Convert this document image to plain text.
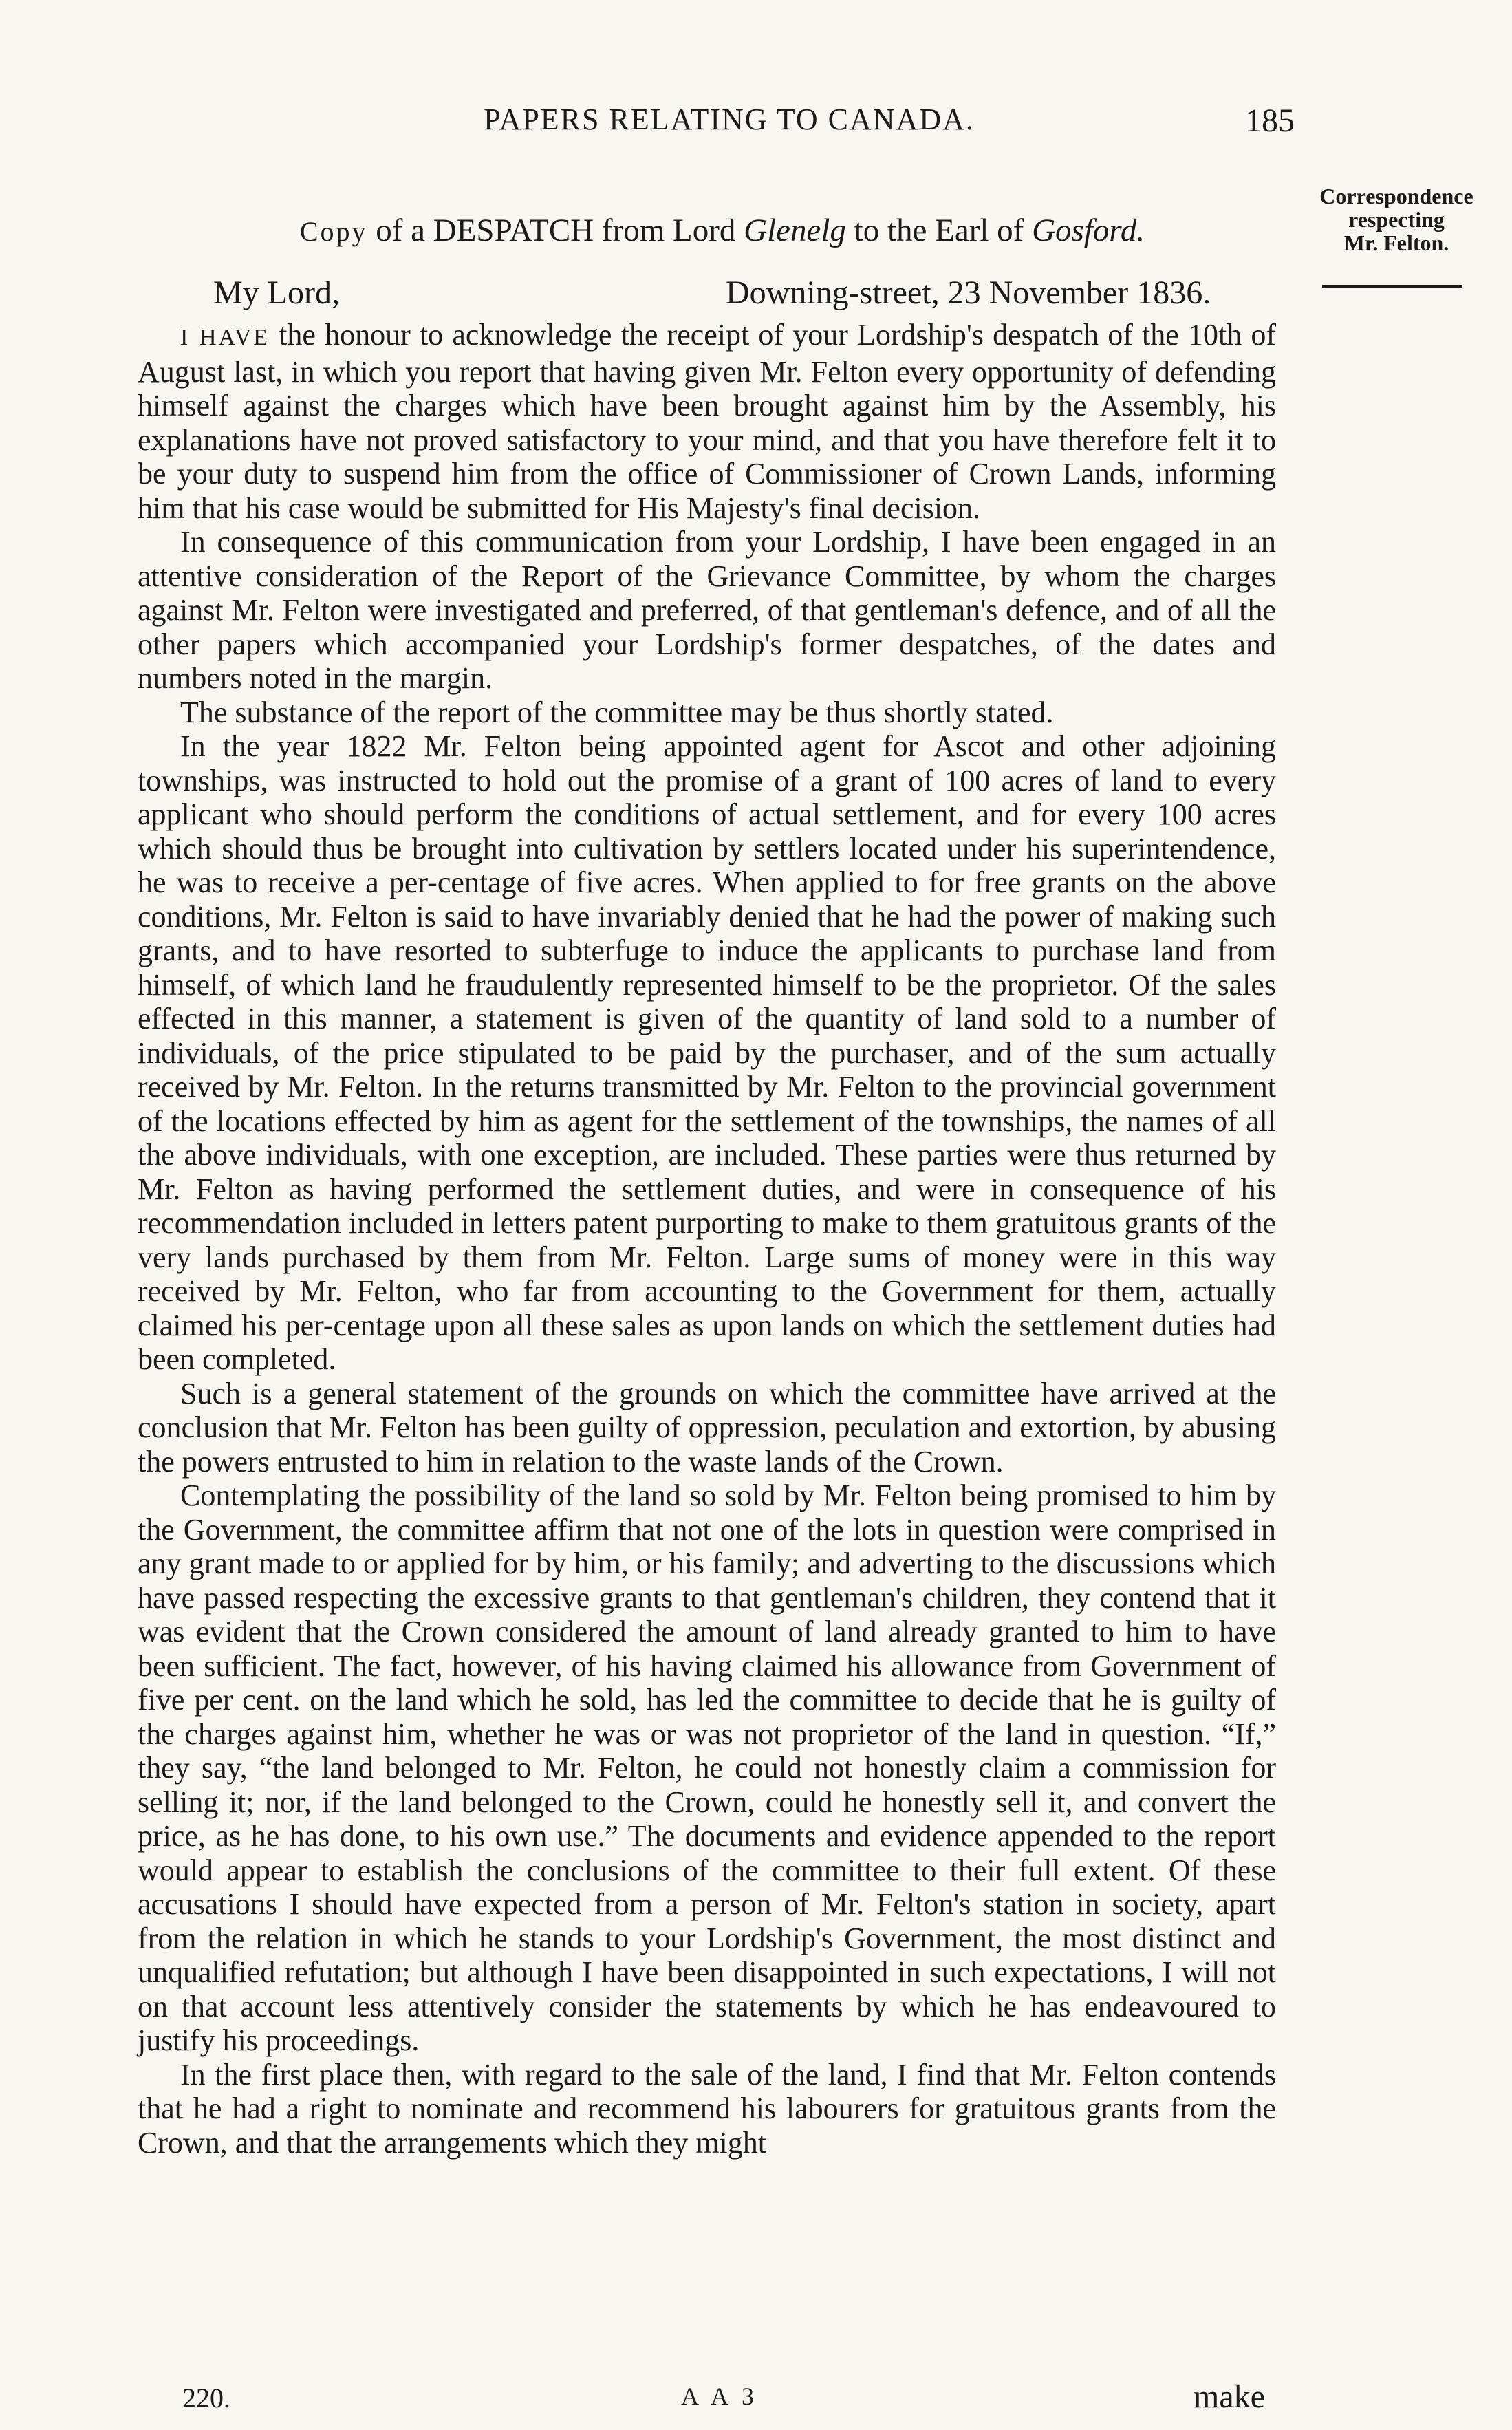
PAPERS RELATING TO CANADA.	185
Correspondence
respecting
Mr. Felton.
Copy of a DESPATCH from Lord Glenelg to the Earl of Gosford.
My Lord,	Downing-street, 23 November 1836.

I HAVE the honour to acknowledge the receipt of your Lordship's despatch of the 10th of August last, in which you report that having given Mr. Felton every opportunity of defending himself against the charges which have been brought against him by the Assembly, his explanations have not proved satisfactory to your mind, and that you have therefore felt it to be your duty to suspend him from the office of Commissioner of Crown Lands, informing him that his case would be submitted for His Majesty's final decision.

In consequence of this communication from your Lordship, I have been engaged in an attentive consideration of the Report of the Grievance Committee, by whom the charges against Mr. Felton were investigated and preferred, of that gentleman's defence, and of all the other papers which accompanied your Lordship's former despatches, of the dates and numbers noted in the margin.

The substance of the report of the committee may be thus shortly stated.

In the year 1822 Mr. Felton being appointed agent for Ascot and other adjoining townships, was instructed to hold out the promise of a grant of 100 acres of land to every applicant who should perform the conditions of actual settlement, and for every 100 acres which should thus be brought into cultivation by settlers located under his superintendence, he was to receive a per-centage of five acres. When applied to for free grants on the above conditions, Mr. Felton is said to have invariably denied that he had the power of making such grants, and to have resorted to subterfuge to induce the applicants to purchase land from himself, of which land he fraudulently represented himself to be the proprietor. Of the sales effected in this manner, a statement is given of the quantity of land sold to a number of individuals, of the price stipulated to be paid by the purchaser, and of the sum actually received by Mr. Felton. In the returns transmitted by Mr. Felton to the provincial government of the locations effected by him as agent for the settlement of the townships, the names of all the above individuals, with one exception, are included. These parties were thus returned by Mr. Felton as having performed the settlement duties, and were in consequence of his recommendation included in letters patent purporting to make to them gratuitous grants of the very lands purchased by them from Mr. Felton. Large sums of money were in this way received by Mr. Felton, who far from accounting to the Government for them, actually claimed his per-centage upon all these sales as upon lands on which the settlement duties had been completed.

Such is a general statement of the grounds on which the committee have arrived at the conclusion that Mr. Felton has been guilty of oppression, peculation and extortion, by abusing the powers entrusted to him in relation to the waste lands of the Crown.

Contemplating the possibility of the land so sold by Mr. Felton being promised to him by the Government, the committee affirm that not one of the lots in question were comprised in any grant made to or applied for by him, or his family; and adverting to the discussions which have passed respecting the excessive grants to that gentleman's children, they contend that it was evident that the Crown considered the amount of land already granted to him to have been sufficient. The fact, however, of his having claimed his allowance from Government of five per cent. on the land which he sold, has led the committee to decide that he is guilty of the charges against him, whether he was or was not proprietor of the land in question. “If,” they say, “the land belonged to Mr. Felton, he could not honestly claim a commission for selling it; nor, if the land belonged to the Crown, could he honestly sell it, and convert the price, as he has done, to his own use.” The documents and evidence appended to the report would appear to establish the conclusions of the committee to their full extent. Of these accusations I should have expected from a person of Mr. Felton's station in society, apart from the relation in which he stands to your Lordship's Government, the most distinct and unqualified refutation; but although I have been disappointed in such expectations, I will not on that account less attentively consider the statements by which he has endeavoured to justify his proceedings.

In the first place then, with regard to the sale of the land, I find that Mr. Felton contends that he had a right to nominate and recommend his labourers for gratuitous grants from the Crown, and that the arrangements which they might

220.	A A 3	make
